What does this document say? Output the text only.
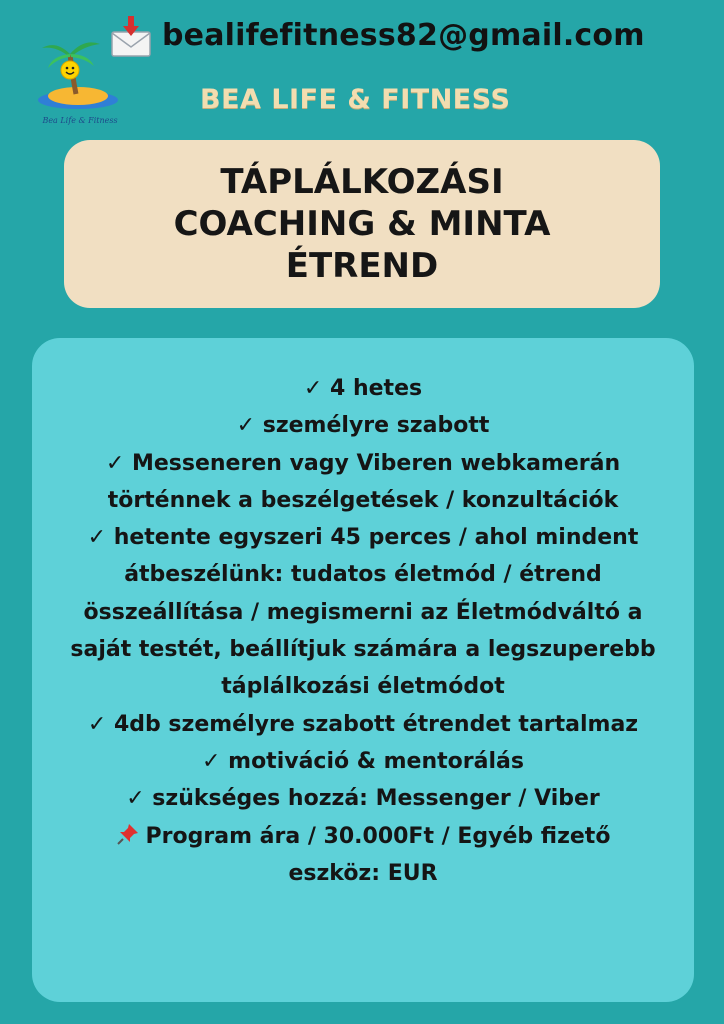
Bea Life & Fitness
bealifefitness82@gmail.com
BEA LIFE & FITNESS
TÁPLÁLKOZÁSI
COACHING & MINTA
ÉTREND
✓ 4 hetes
✓ személyre szabott
✓ Messeneren vagy Viberen webkamerán
történnek a beszélgetések / konzultációk
✓ hetente egyszeri 45 perces / ahol mindent
átbeszélünk: tudatos életmód / étrend
összeállítása / megismerni az Életmódváltó a
saját testét, beállítjuk számára a legszuperebb
táplálkozási életmódot
✓ 4db személyre szabott étrendet tartalmaz
✓ motiváció & mentorálás
✓ szükséges hozzá: Messenger / Viber
Program ára / 30.000Ft / Egyéb fizető
eszköz: EUR
